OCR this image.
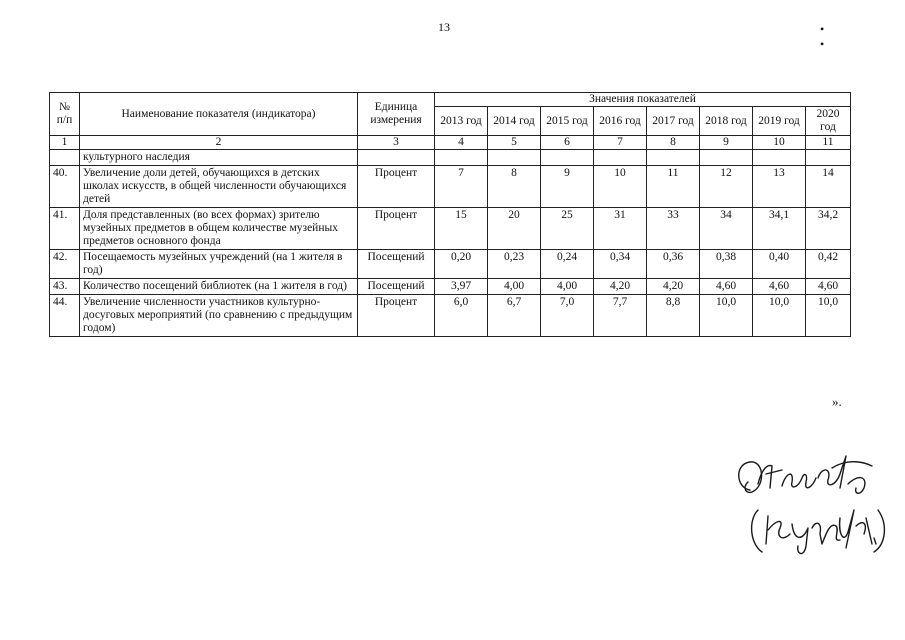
13	• •
№ п/п	Наименование показателя (индикатора)	Единица измерения	Значения показателей							
			2013 год	2014 год	2015 год	2016 год	2017 год	2018 год	2019 год	2020 год
1	2	3	4	5	6	7	8	9	10	11
	культурного наследия									
40.	Увеличение доли детей, обучающихся в детских школах искусств, в общей численности обучающихся детей	Процент	7	8	9	10	11	12	13	14
41.	Доля представленных (во всех формах) зрителю музейных предметов в общем количестве музейных предметов основного фонда	Процент	15	20	25	31	33	34	34,1	34,2
42.	Посещаемость музейных учреждений (на 1 жителя в год)	Посещений	0,20	0,23	0,24	0,34	0,36	0,38	0,40	0,42
43.	Количество посещений библиотек (на 1 жителя в год)	Посещений	3,97	4,00	4,00	4,20	4,20	4,60	4,60	4,60
44.	Увеличение численности участников культурно-досуговых мероприятий (по сравнению с предыдущим годом)	Процент	6,0	6,7	7,0	7,7	8,8	10,0	10,0	10,0
».
